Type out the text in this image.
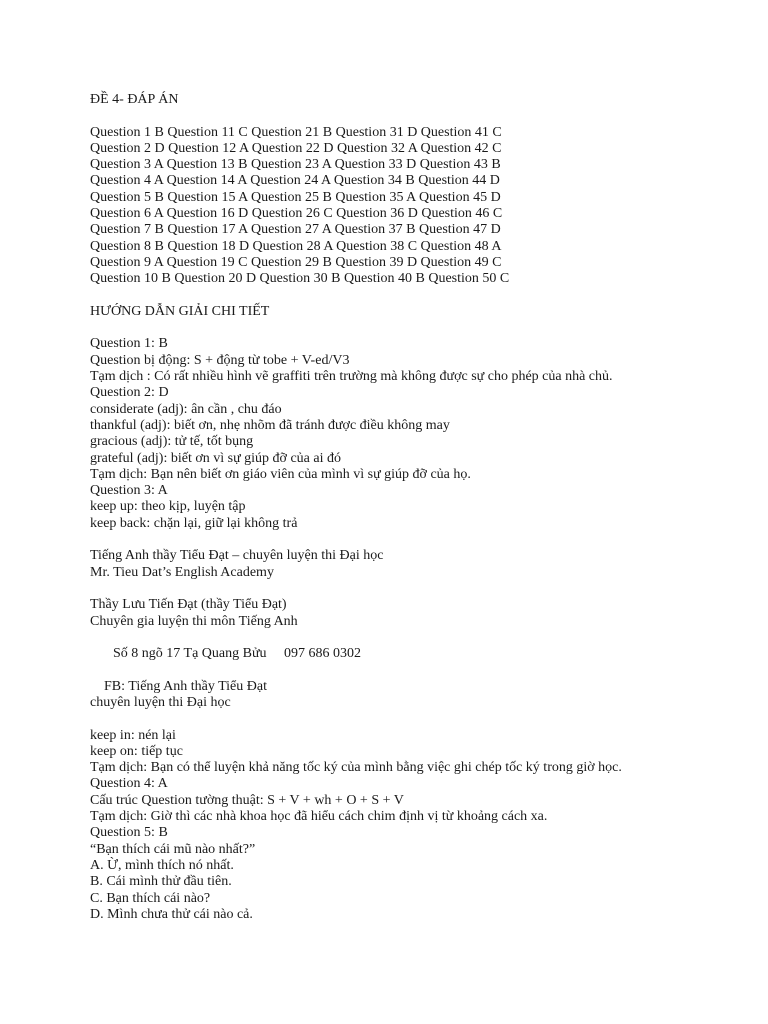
ĐỀ 4- ĐÁP ÁN
Question 1 B Question 11 C Question 21 B Question 31 D Question 41 C
Question 2 D Question 12 A Question 22 D Question 32 A Question 42 C
Question 3 A Question 13 B Question 23 A Question 33 D Question 43 B
Question 4 A Question 14 A Question 24 A Question 34 B Question 44 D
Question 5 B Question 15 A Question 25 B Question 35 A Question 45 D
Question 6 A Question 16 D Question 26 C Question 36 D Question 46 C
Question 7 B Question 17 A Question 27 A Question 37 B Question 47 D
Question 8 B Question 18 D Question 28 A Question 38 C Question 48 A
Question 9 A Question 19 C Question 29 B Question 39 D Question 49 C
Question 10 B Question 20 D Question 30 B Question 40 B Question 50 C
HƯỚNG DẪN GIẢI CHI TIẾT
Question 1: B
Question bị động: S + động từ tobe + V-ed/V3
Tạm dịch : Có rất nhiều hình vẽ graffiti trên trường mà không được sự cho phép của nhà chủ.
Question 2: D
considerate (adj): ân cần , chu đáo
thankful (adj): biết ơn, nhẹ nhõm đã tránh được điều không may
gracious (adj): tử tế, tốt bụng
grateful (adj): biết ơn vì sự giúp đỡ của ai đó
Tạm dịch: Bạn nên biết ơn giáo viên của mình vì sự giúp đỡ của họ.
Question 3: A
keep up: theo kịp, luyện tập
keep back: chặn lại, giữ lại không trả
Tiếng Anh thầy Tiểu Đạt – chuyên luyện thi Đại học
Mr. Tieu Dat’s English Academy
Thầy Lưu Tiến Đạt (thầy Tiểu Đạt)
Chuyên gia luyện thi môn Tiếng Anh
Số 8 ngõ 17 Tạ Quang Bửu     097 686 0302
FB: Tiếng Anh thầy Tiểu Đạt
chuyên luyện thi Đại học
keep in: nén lại
keep on: tiếp tục
Tạm dịch: Bạn có thể luyện khả năng tốc ký của mình bằng việc ghi chép tốc ký trong giờ học.
Question 4: A
Cấu trúc Question tường thuật: S + V + wh + O + S + V
Tạm dịch: Giờ thì các nhà khoa học đã hiểu cách chim định vị từ khoảng cách xa.
Question 5: B
“Bạn thích cái mũ nào nhất?”
A. Ừ, mình thích nó nhất.
B. Cái mình thử đầu tiên.
C. Bạn thích cái nào?
D. Mình chưa thử cái nào cả.
